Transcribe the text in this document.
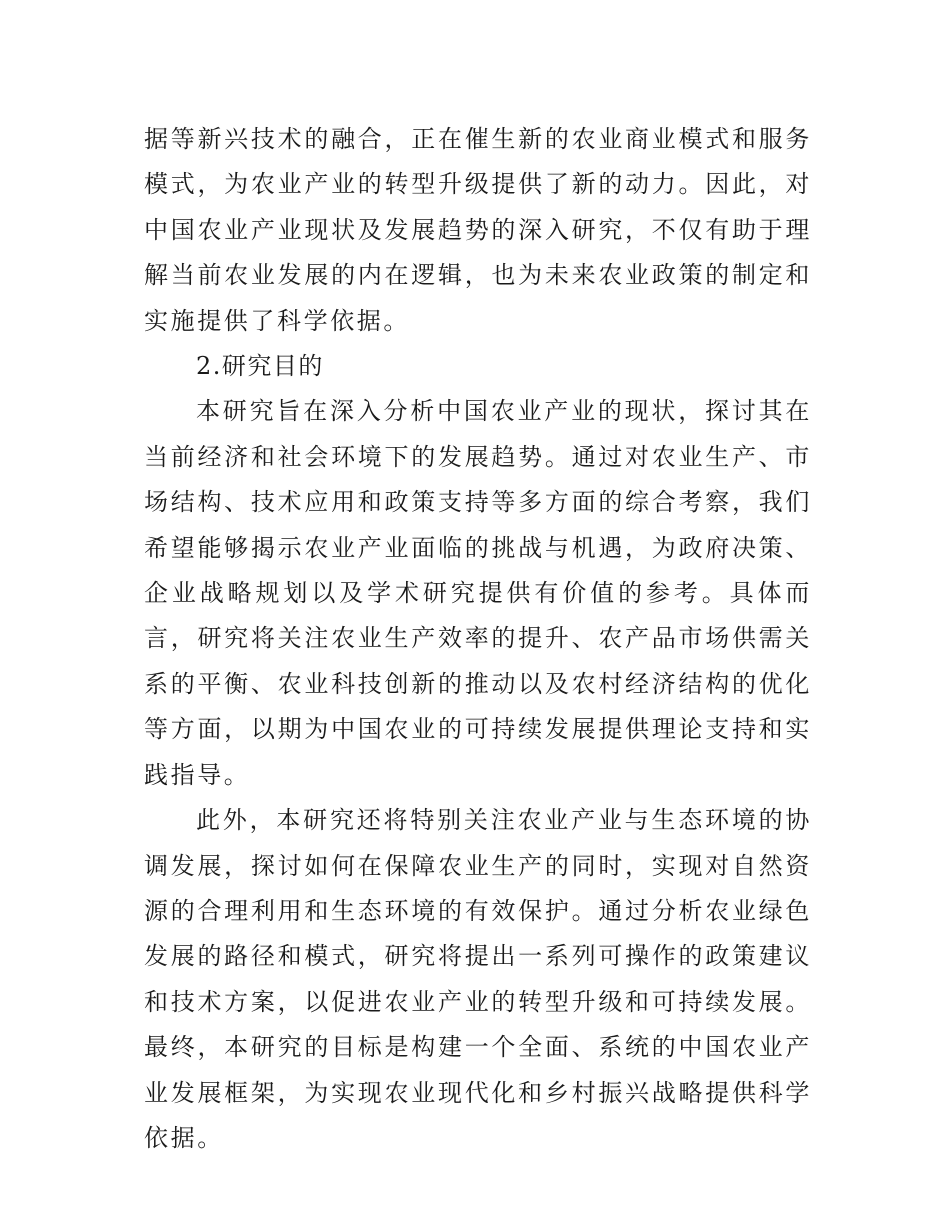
据等新兴技术的融合，正在催生新的农业商业模式和服务模式，为农业产业的转型升级提供了新的动力。因此，对中国农业产业现状及发展趋势的深入研究，不仅有助于理解当前农业发展的内在逻辑，也为未来农业政策的制定和实施提供了科学依据。

2.研究目的

本研究旨在深入分析中国农业产业的现状，探讨其在当前经济和社会环境下的发展趋势。通过对农业生产、市场结构、技术应用和政策支持等多方面的综合考察，我们希望能够揭示农业产业面临的挑战与机遇，为政府决策、企业战略规划以及学术研究提供有价值的参考。具体而言，研究将关注农业生产效率的提升、农产品市场供需关系的平衡、农业科技创新的推动以及农村经济结构的优化等方面，以期为中国农业的可持续发展提供理论支持和实践指导。

此外，本研究还将特别关注农业产业与生态环境的协调发展，探讨如何在保障农业生产的同时，实现对自然资源的合理利用和生态环境的有效保护。通过分析农业绿色发展的路径和模式，研究将提出一系列可操作的政策建议和技术方案，以促进农业产业的转型升级和可持续发展。最终，本研究的目标是构建一个全面、系统的中国农业产业发展框架，为实现农业现代化和乡村振兴战略提供科学依据。
